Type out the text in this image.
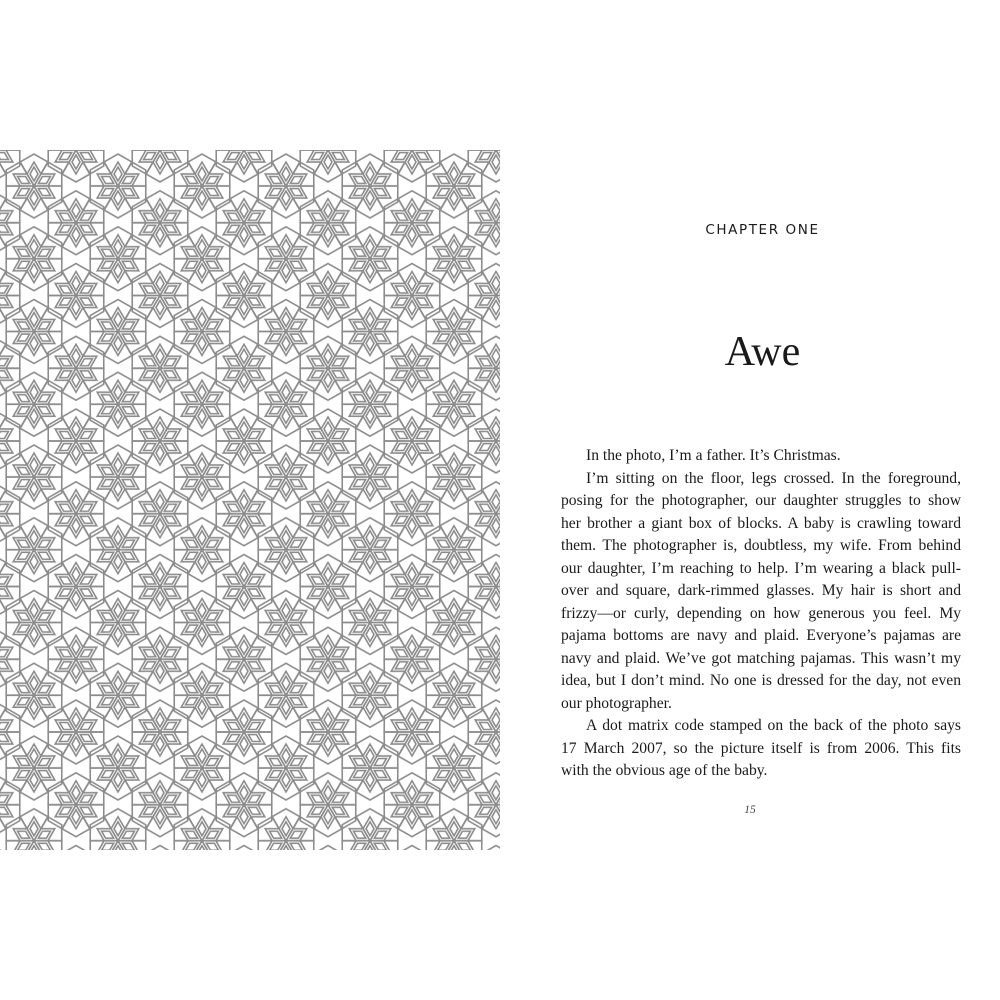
CHAPTER ONE
Awe

In the photo, I’m a father. It’s Christmas.

I’m sitting on the floor, legs crossed. In the foreground,
posing for the photographer, our daughter struggles to show
her brother a giant box of blocks. A baby is crawling toward
them. The photographer is, doubtless, my wife. From behind
our daughter, I’m reaching to help. I’m wearing a black pull-
over and square, dark-rimmed glasses. My hair is short and
frizzy—or curly, depending on how generous you feel. My
pajama bottoms are navy and plaid. Everyone’s pajamas are
navy and plaid. We’ve got matching pajamas. This wasn’t my
idea, but I don’t mind. No one is dressed for the day, not even
our photographer.

A dot matrix code stamped on the back of the photo says
17 March 2007, so the picture itself is from 2006. This fits
with the obvious age of the baby.

15
